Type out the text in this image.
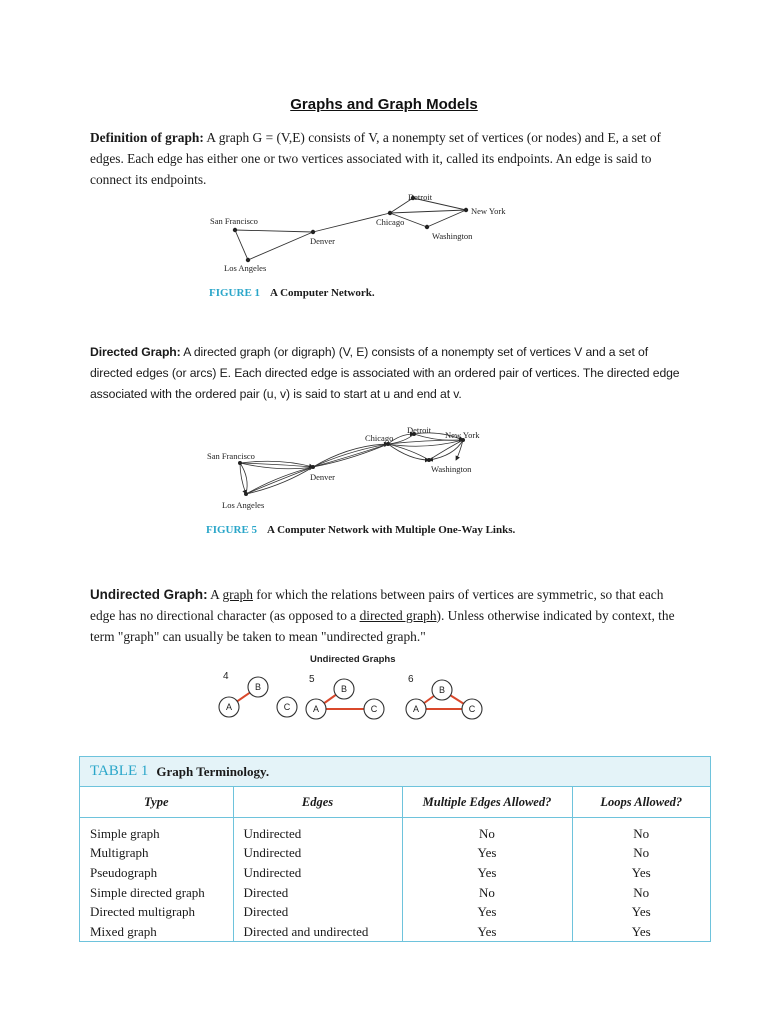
Graphs and Graph Models
Definition of graph: A graph G = (V,E) consists of V, a nonempty set of vertices (or nodes) and E, a set of edges. Each edge has either one or two vertices associated with it, called its endpoints. An edge is said to connect its endpoints.
San Francisco
Denver
Chicago
Detroit
New York
Washington
Los Angeles
FIGURE 1 A Computer Network.
Directed Graph: A directed graph (or digraph) (V, E) consists of a nonempty set of vertices V and a set of directed edges (or arcs) E. Each directed edge is associated with an ordered pair of vertices. The directed edge associated with the ordered pair (u, v) is said to start at u and end at v.
San Francisco
Denver
Chicago
Detroit New York
Washington
Los Angeles
FIGURE 5 A Computer Network with Multiple One-Way Links.
Undirected Graph: A graph for which the relations between pairs of vertices are symmetric, so that each edge has no directional character (as opposed to a directed graph). Unless otherwise indicated by context, the term "graph" can usually be taken to mean "undirected graph."
Undirected Graphs
4	5	6
A
B
C	A
B
C	A
B
C
TABLE 1 Graph Terminology.
Type	Edges	Multiple Edges Allowed?	Loops Allowed?
Simple graph	Undirected	No	No
Multigraph	Undirected	Yes	No
Pseudograph	Undirected	Yes	Yes
Simple directed graph	Directed	No	No
Directed multigraph	Directed	Yes	Yes
Mixed graph	Directed and undirected	Yes	Yes
